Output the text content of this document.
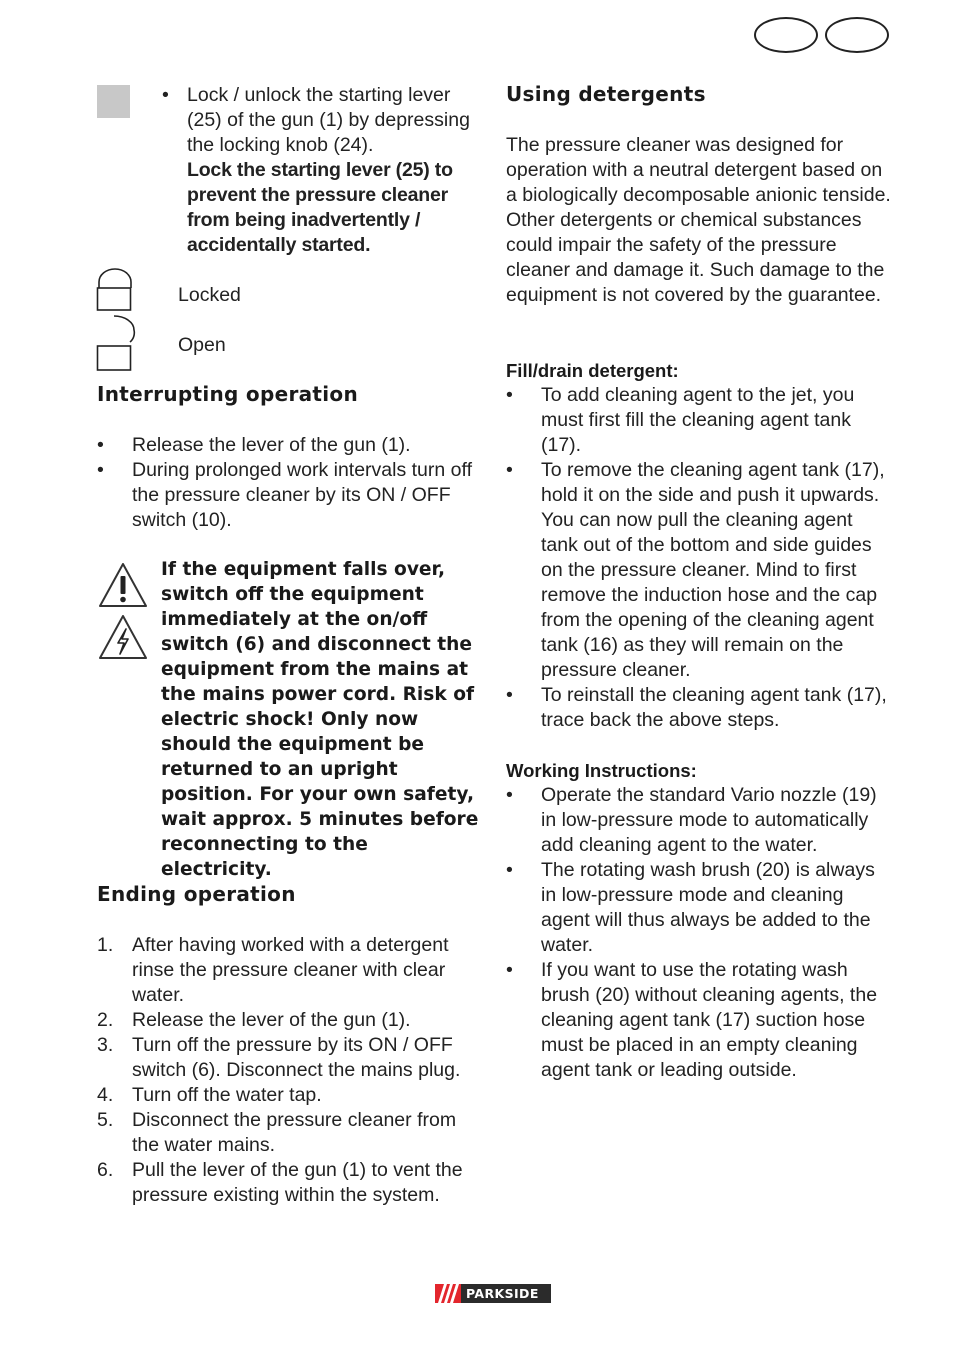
• Lock / unlock the starting lever (25) of the gun (1) by depressing the locking knob (24).
Lock the starting lever (25) to prevent the pressure cleaner from being inadvertently / accidentally started.
Locked
Open
Interrupting operation
• Release the lever of the gun (1).
• During prolonged work intervals turn off the pressure cleaner by its ON / OFF switch (10).
If the equipment falls over, switch off the equipment immediately at the on/off switch (6) and disconnect the equipment from the mains at the mains power cord. Risk of electric shock! Only now should the equipment be returned to an upright position. For your own safety, wait approx. 5 minutes before reconnecting to the electricity.
Ending operation
1. After having worked with a detergent rinse the pressure cleaner with clear water.
2. Release the lever of the gun (1).
3. Turn off the pressure by its ON / OFF switch (6). Disconnect the mains plug.
4. Turn off the water tap.
5. Disconnect the pressure cleaner from the water mains.
6. Pull the lever of the gun (1) to vent the pressure existing within the system.
Using detergents
The pressure cleaner was designed for operation with a neutral detergent based on a biologically decomposable anionic tenside. Other detergents or chemical substances could impair the safety of the pressure cleaner and damage it. Such damage to the equipment is not covered by the guarantee.
Fill/drain detergent:
• To add cleaning agent to the jet, you must first fill the cleaning agent tank (17).
• To remove the cleaning agent tank (17), hold it on the side and push it upwards. You can now pull the cleaning agent tank out of the bottom and side guides on the pressure cleaner. Mind to first remove the induction hose and the cap from the opening of the cleaning agent tank (16) as they will remain on the pressure cleaner.
• To reinstall the cleaning agent tank (17), trace back the above steps.
Working Instructions:
• Operate the standard Vario nozzle (19) in low-pressure mode to automatically add cleaning agent to the water.
• The rotating wash brush (20) is always in low-pressure mode and cleaning agent will thus always be added to the water.
• If you want to use the rotating wash brush (20) without cleaning agents, the cleaning agent tank (17) suction hose must be placed in an empty cleaning agent tank or leading outside.
PARKSIDE
